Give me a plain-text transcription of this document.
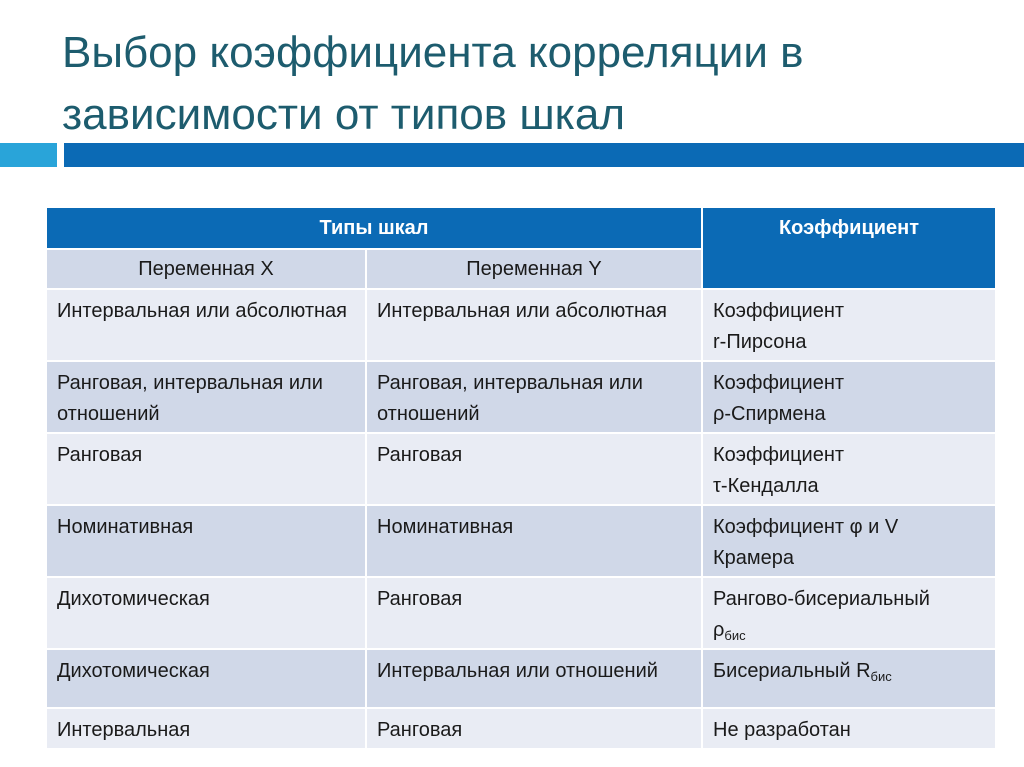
Выбор коэффициента корреляции в
зависимости от типов шкал
Типы шкал		Коэффициент
Переменная X	Переменная Y	
Интервальная или абсолютная	Интервальная или абсолютная	Коэффициент
r-Пирсона
Ранговая, интервальная или отношений	Ранговая, интервальная или отношений	Коэффициент
ρ-Спирмена
Ранговая	Ранговая	Коэффициент
τ-Кендалла
Номинативная	Номинативная	Коэффициент φ и V
Крамера
Дихотомическая	Ранговая	Рангово-бисериальный
$\rho_{бис}$
Дихотомическая	Интервальная или отношений	Бисериальный $R_{бис}$
Интервальная	Ранговая	Не разработан
